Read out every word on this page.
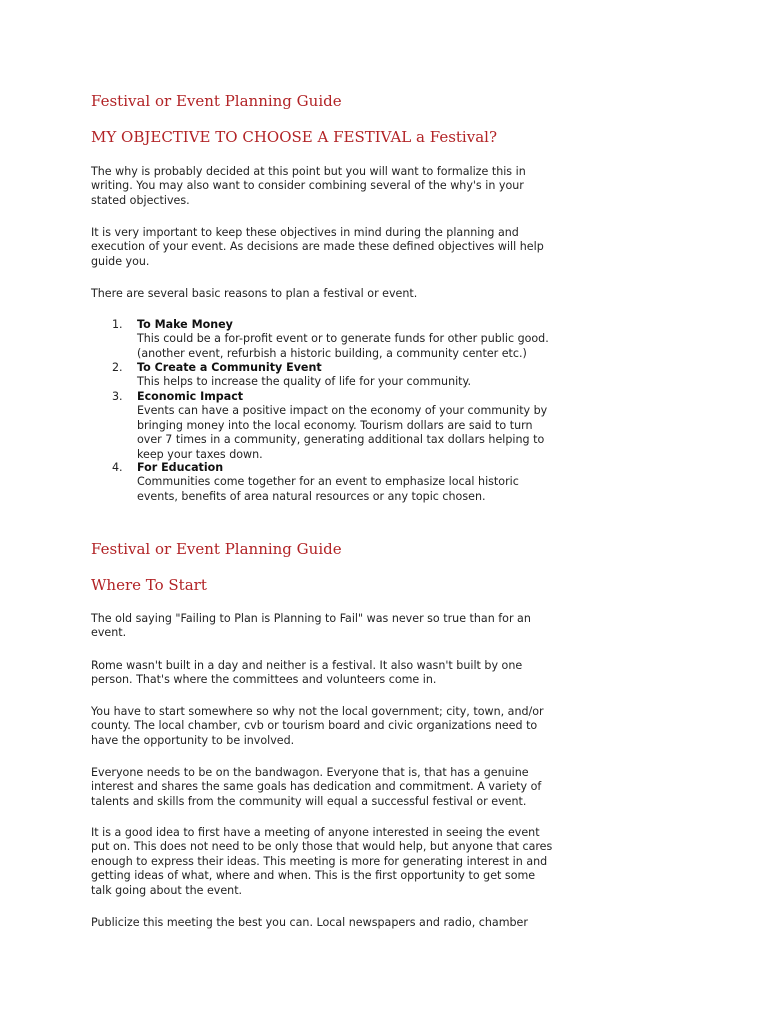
Festival or Event Planning Guide
MY OBJECTIVE TO CHOOSE A FESTIVAL a Festival?

The why is probably decided at this point but you will want to formalize this in
writing. You may also want to consider combining several of the why's in your
stated objectives.

It is very important to keep these objectives in mind during the planning and
execution of your event. As decisions are made these defined objectives will help
guide you.

There are several basic reasons to plan a festival or event.

1.	To Make Money
This could be a for-profit event or to generate funds for other public good.
(another event, refurbish a historic building, a community center etc.)
2.	To Create a Community Event
This helps to increase the quality of life for your community.
3.	Economic Impact
Events can have a positive impact on the economy of your community by
bringing money into the local economy. Tourism dollars are said to turn
over 7 times in a community, generating additional tax dollars helping to
keep your taxes down.
4.	For Education
Communities come together for an event to emphasize local historic
events, benefits of area natural resources or any topic chosen.
Festival or Event Planning Guide
Where To Start

The old saying "Failing to Plan is Planning to Fail" was never so true than for an
event.

Rome wasn't built in a day and neither is a festival. It also wasn't built by one
person. That's where the committees and volunteers come in.

You have to start somewhere so why not the local government; city, town, and/or
county. The local chamber, cvb or tourism board and civic organizations need to
have the opportunity to be involved.

Everyone needs to be on the bandwagon. Everyone that is, that has a genuine
interest and shares the same goals has dedication and commitment. A variety of
talents and skills from the community will equal a successful festival or event.

It is a good idea to first have a meeting of anyone interested in seeing the event
put on. This does not need to be only those that would help, but anyone that cares
enough to express their ideas. This meeting is more for generating interest in and
getting ideas of what, where and when. This is the first opportunity to get some
talk going about the event.

Publicize this meeting the best you can. Local newspapers and radio, chamber
